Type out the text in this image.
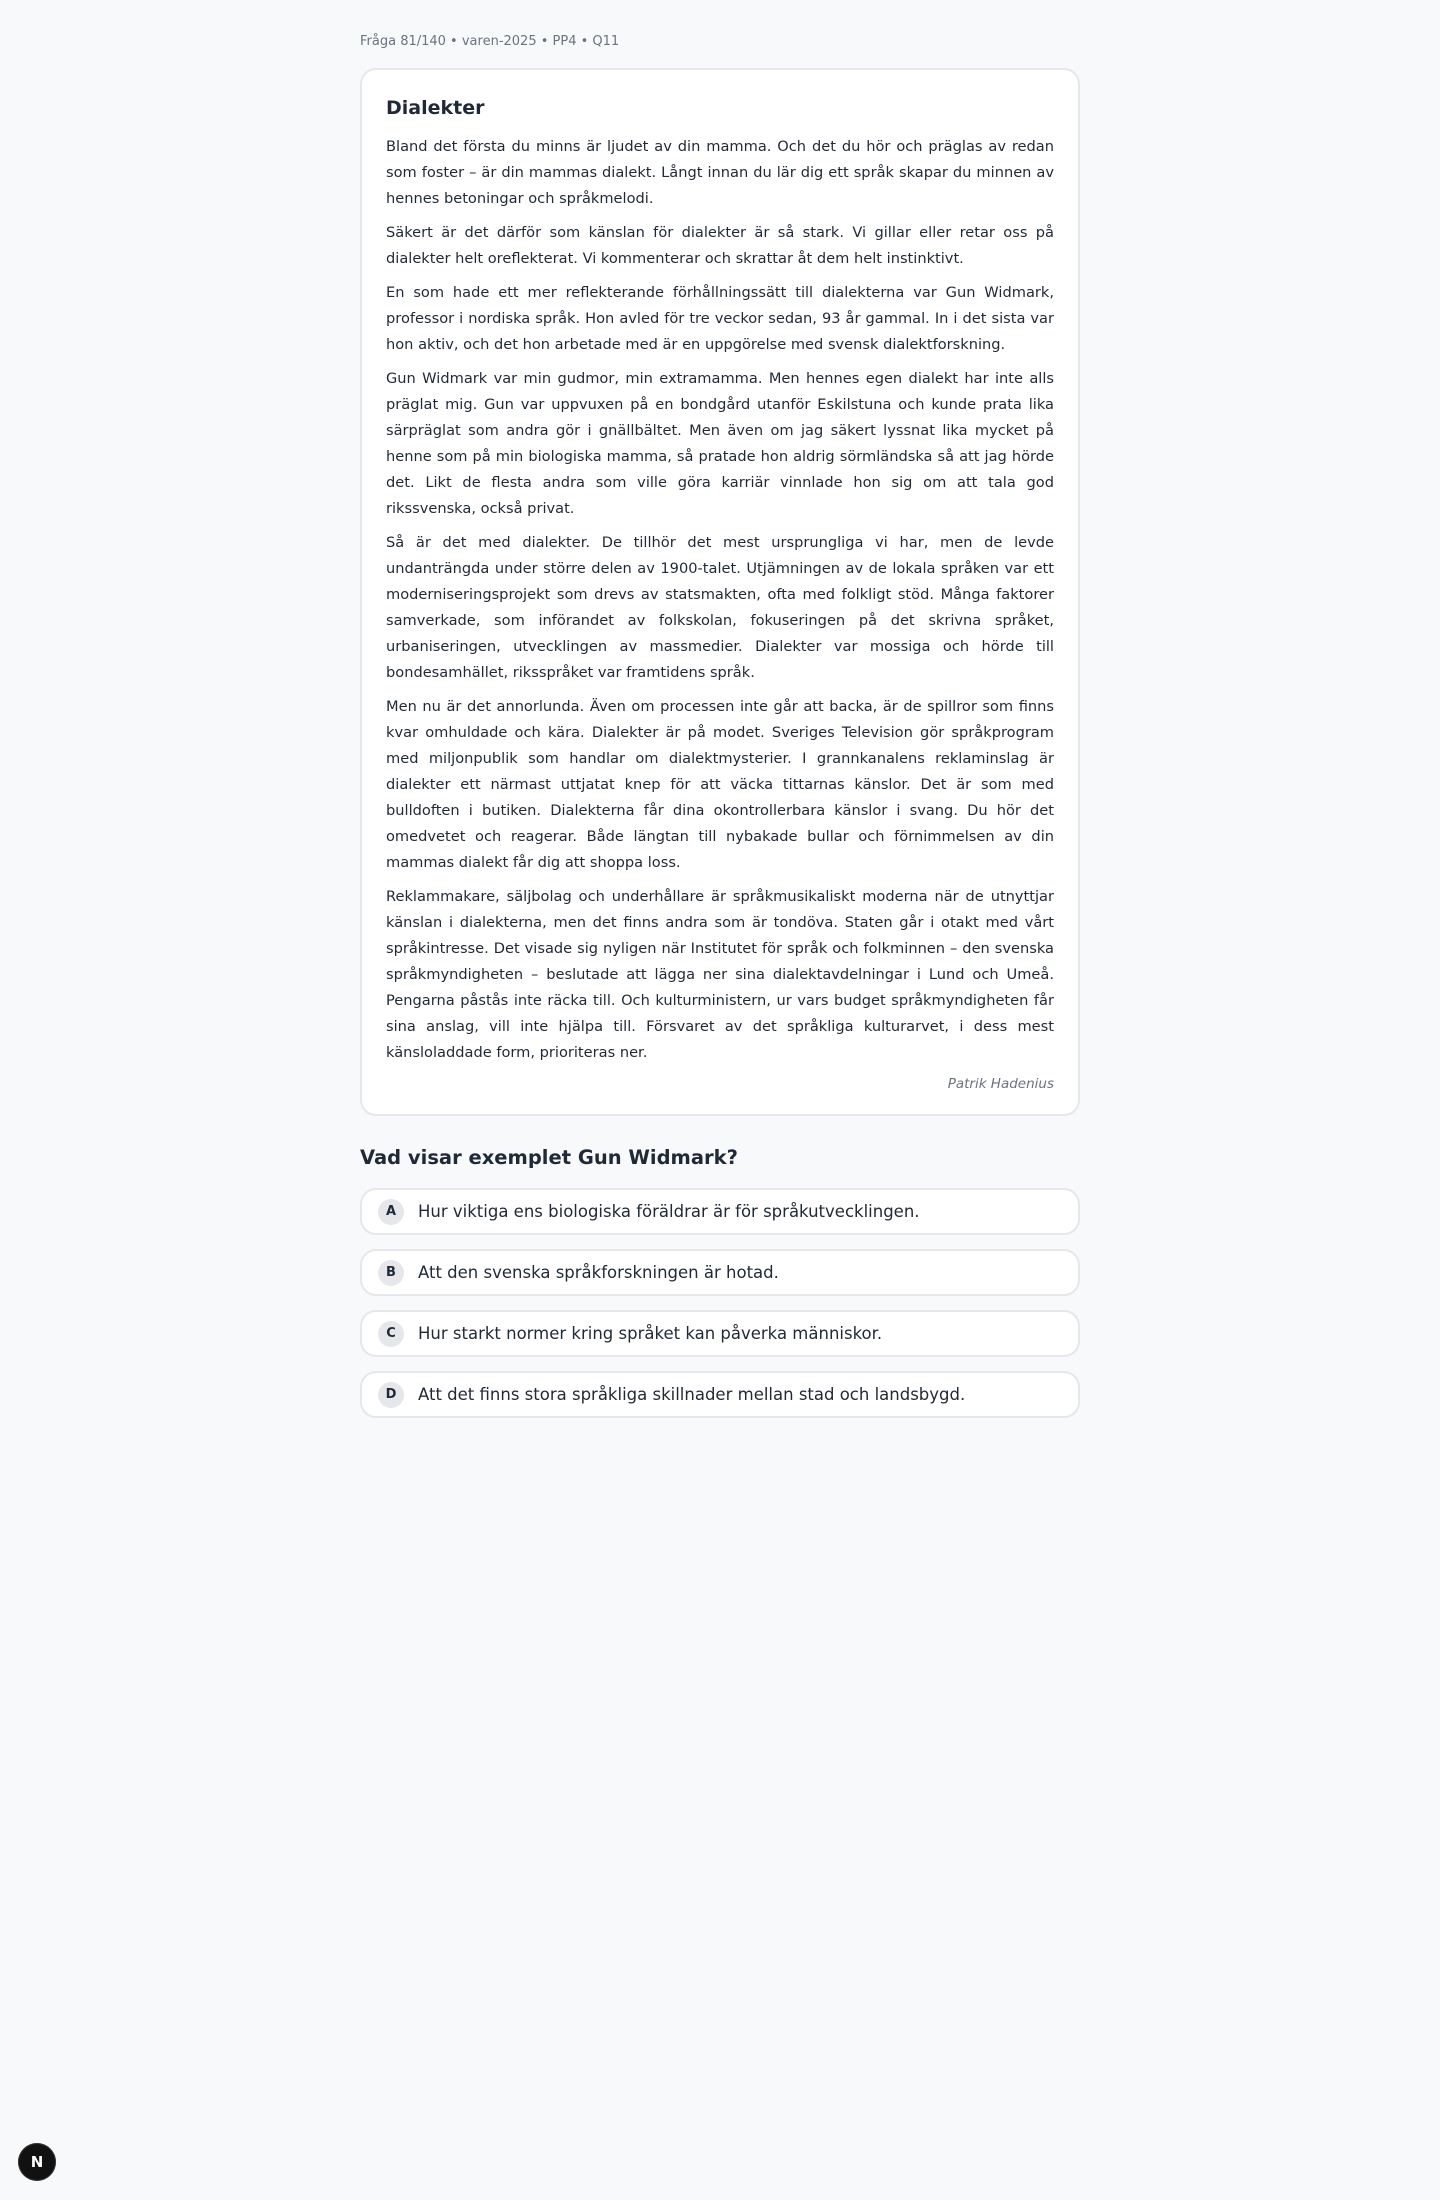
Fråga 81/140 • varen-2025 • PP4 • Q11
Dialekter

Bland det första du minns är ljudet av din mamma. Och det du hör och präglas av redan som foster – är din mammas dialekt. Långt innan du lär dig ett språk skapar du minnen av hennes betoningar och språkmelodi.

Säkert är det därför som känslan för dialekter är så stark. Vi gillar eller retar oss på dialekter helt oreflekterat. Vi kommenterar och skrattar åt dem helt instinktivt.

En som hade ett mer reflekterande förhållningssätt till dialekterna var Gun Widmark, professor i nordiska språk. Hon avled för tre veckor sedan, 93 år gammal. In i det sista var hon aktiv, och det hon arbetade med är en uppgörelse med svensk dialektforskning.

Gun Widmark var min gudmor, min extramamma. Men hennes egen dialekt har inte alls präglat mig. Gun var uppvuxen på en bondgård utanför Eskilstuna och kunde prata lika särpräglat som andra gör i gnällbältet. Men även om jag säkert lyssnat lika mycket på henne som på min biologiska mamma, så pratade hon aldrig sörmländska så att jag hörde det. Likt de flesta andra som ville göra karriär vinnlade hon sig om att tala god rikssvenska, också privat.

Så är det med dialekter. De tillhör det mest ursprungliga vi har, men de levde undanträngda under större delen av 1900-talet. Utjämningen av de lokala språken var ett moderniseringsprojekt som drevs av statsmakten, ofta med folkligt stöd. Många faktorer samverkade, som införandet av folkskolan, fokuseringen på det skrivna språket, urbaniseringen, utvecklingen av massmedier. Dialekter var mossiga och hörde till bondesamhället, riksspråket var framtidens språk.

Men nu är det annorlunda. Även om processen inte går att backa, är de spillror som finns kvar omhuldade och kära. Dialekter är på modet. Sveriges Television gör språkprogram med miljonpublik som handlar om dialektmysterier. I grannkanalens reklaminslag är dialekter ett närmast uttjatat knep för att väcka tittarnas känslor. Det är som med bulldoften i butiken. Dialekterna får dina okontrollerbara känslor i svang. Du hör det omedvetet och reagerar. Både längtan till nybakade bullar och förnimmelsen av din mammas dialekt får dig att shoppa loss.

Reklammakare, säljbolag och underhållare är språkmusikaliskt moderna när de utnyttjar känslan i dialekterna, men det finns andra som är tondöva. Staten går i otakt med vårt språkintresse. Det visade sig nyligen när Institutet för språk och folkminnen – den svenska språkmyndigheten – beslutade att lägga ner sina dialektavdelningar i Lund och Umeå. Pengarna påstås inte räcka till. Och kulturministern, ur vars budget språkmyndigheten får sina anslag, vill inte hjälpa till. Försvaret av det språkliga kulturarvet, i dess mest känsloladdade form, prioriteras ner.

Patrik Hadenius
Vad visar exemplet Gun Widmark?
A	Hur viktiga ens biologiska föräldrar är för språkutvecklingen.
B	Att den svenska språkforskningen är hotad.
C	Hur starkt normer kring språket kan påverka människor.
D	Att det finns stora språkliga skillnader mellan stad och landsbygd.
N
